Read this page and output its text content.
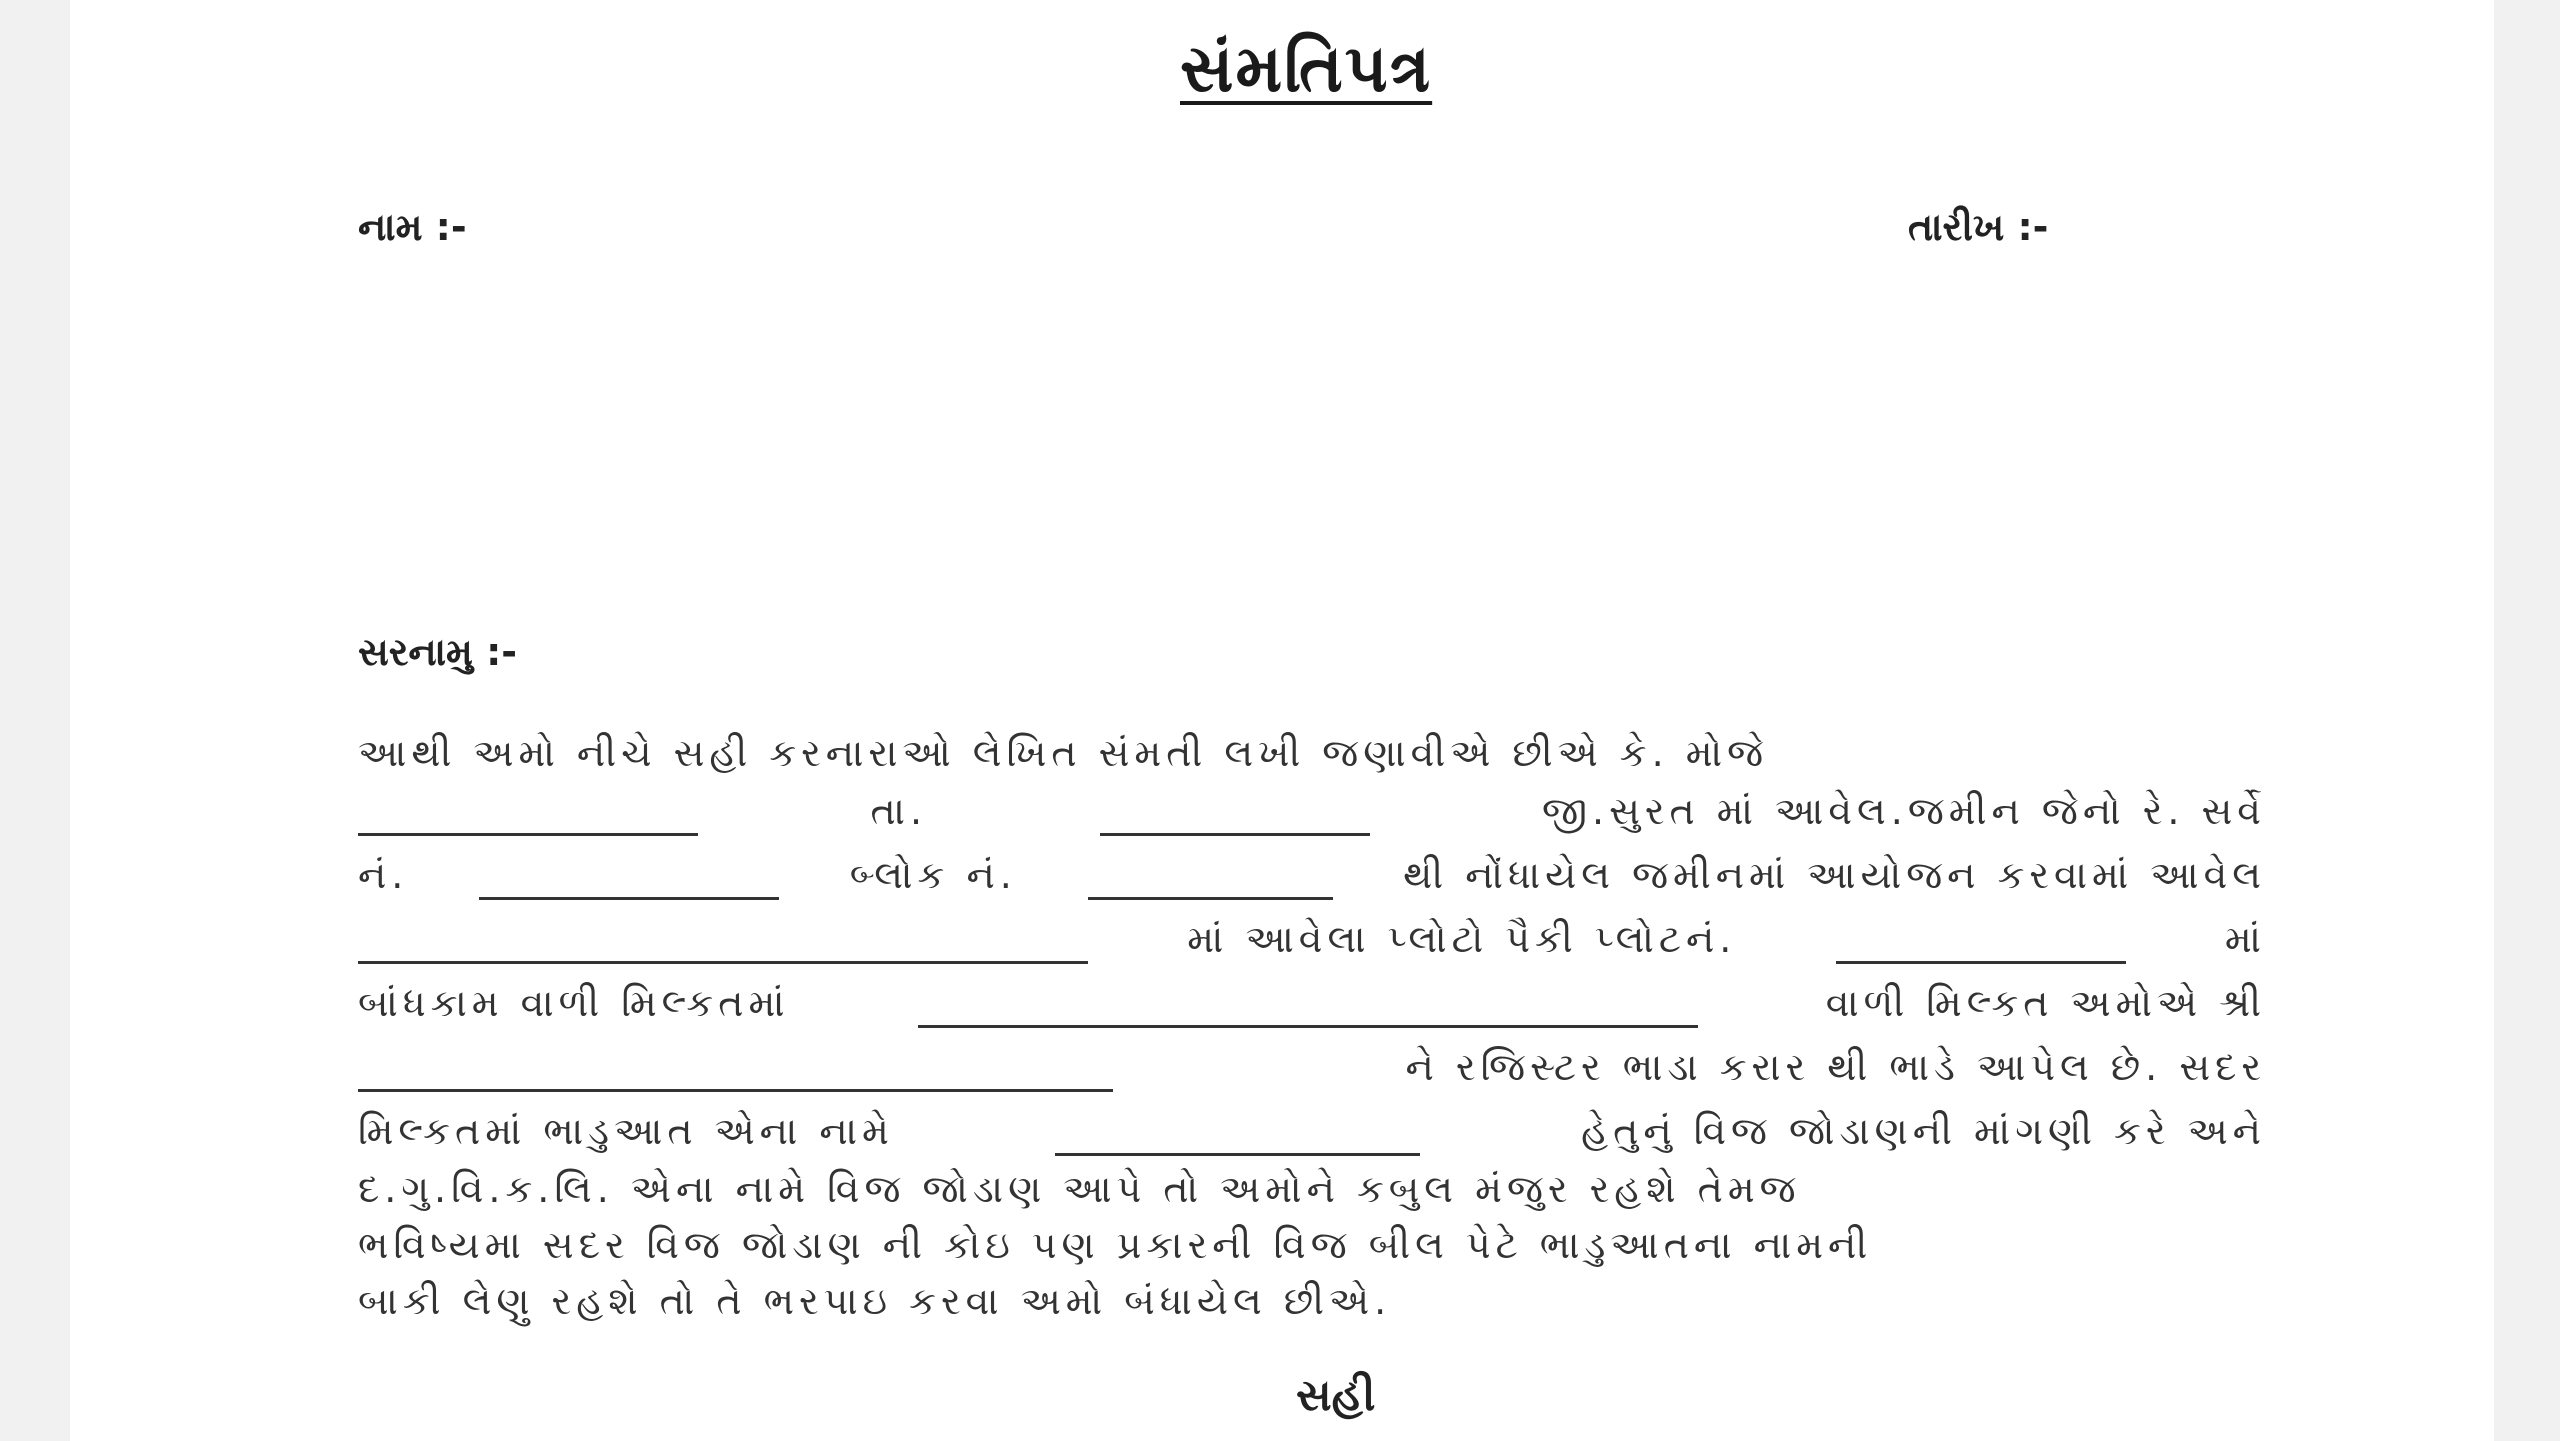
સંમતિપત્ર
નામ :-	તારીખ :-
સરનામુ :-
આથી અમો નીચે સહી કરનારાઓ લેખિત સંમતી લખી જણાવીએ છીએ કે. મોજે
તા.	જી.સુરત માં આવેલ.જમીન જેનો રે. સર્વે
નં.	બ્લોક નં.	થી નોંધાયેલ જમીનમાં આયોજન કરવામાં આવેલ
માં આવેલા પ્લોટો પૈકી પ્લોટનં.	માં
બાંધકામ વાળી મિલ્કતમાં	વાળી મિલ્કત અમોએ શ્રી
ને રજિસ્ટર ભાડા કરાર થી ભાડે આપેલ છે. સદર
મિલ્કતમાં ભાડુઆત એના નામે	હેતુનું વિજ જોડાણની માંગણી કરે અને
દ.ગુ.વિ.ક.લિ. એના નામે વિજ જોડાણ આપે તો અમોને કબુલ મંજુર રહશે તેમજ
ભવિષ્યમા સદર વિજ જોડાણ ની કોઇ પણ પ્રકારની વિજ બીલ પેટે ભાડુઆતના નામની
બાકી લેણુ રહશે તો તે ભરપાઇ કરવા અમો બંધાયેલ છીએ.
સહી
